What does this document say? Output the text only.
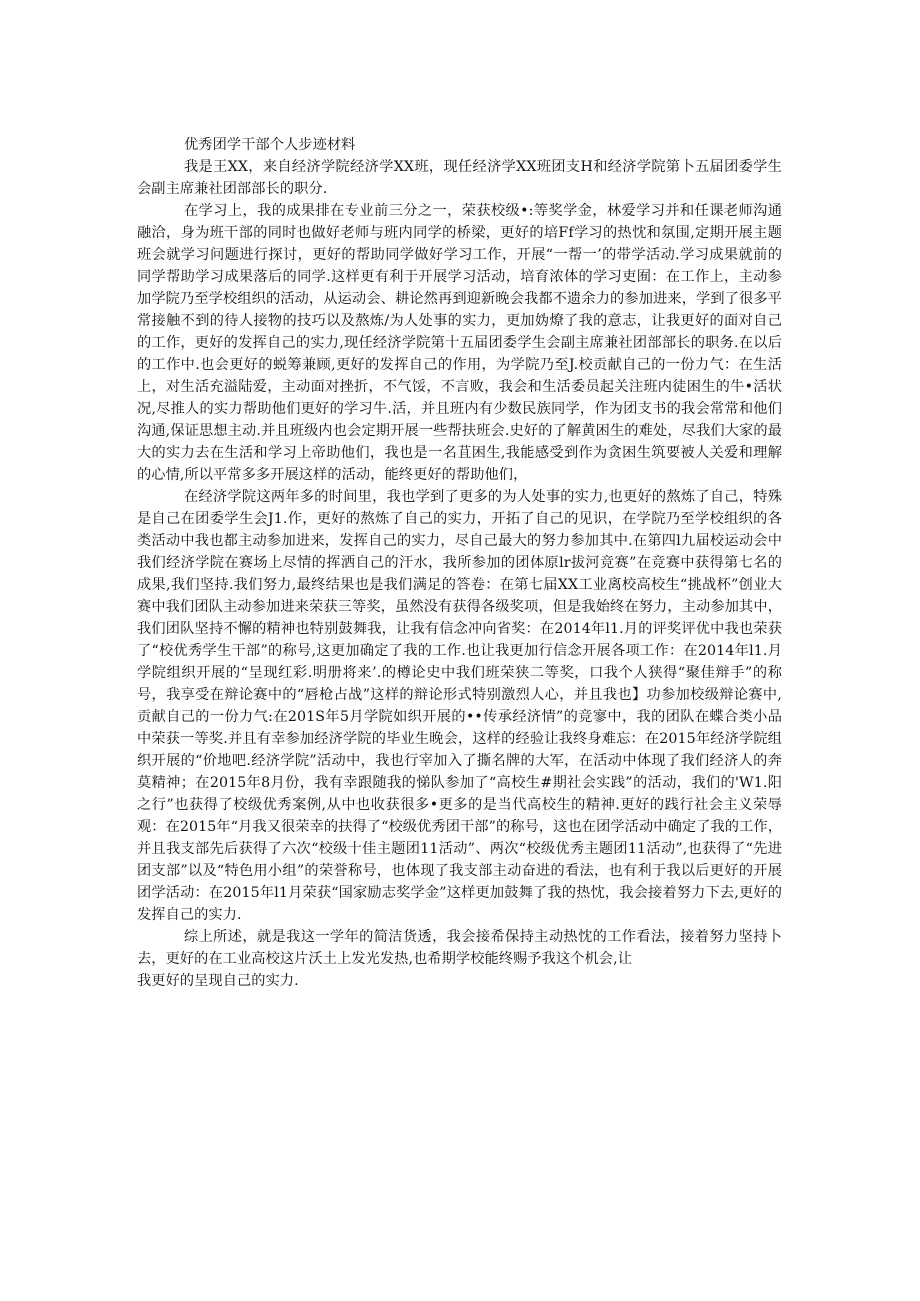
优秀团学干部个人步迹材料

我是王XX，来自经济学院经济学XX班，现任经济学XX班团支H和经济学院第卜五届团委学生会副主席兼社团部部长的职分.

在学习上，我的成果排在专业前三分之一，荣获校级•:等奖学金，林爱学习并和任课老师沟通融洽，身为班干部的同时也做好老师与班内同学的桥梁，更好的培Ff学习的热忱和氛围,定期开展主题班会就学习问题进行探讨，更好的帮助同学做好学习工作，开展“一帮一’的带学活动.学习成果就前的同学帮助学习成果落后的同学.这样更有利于开展学习活动，培育浓体的学习吏囿：在工作上，主动参加学院乃至学校组织的活动，从运动会、耕论然再到迎新晚会我都不遗余力的参加进来，学到了很多平常接触不到的待人接物的技巧以及熬炼/为人处事的实力，更加妫燎了我的意志，让我更好的面对自己的工作，更好的发挥自己的实力,现任经济学院第十五届团委学生会副主席兼社团部部长的职务.在以后的工作中.也会更好的蜕筹兼顾,更好的发挥自己的作用，为学院乃至J.校贡献自己的一份力气：在生活上，对生活充溢陆爱，主动面对挫折，不气馁，不言败，我会和生活委员起关注班内徒困生的牛•活状况,尽推人的实力帮助他们更好的学习牛.活，并且班内有少数民族同学，作为团支书的我会常常和他们沟通,保证思想主动.并且班级内也会定期开展一些帮扶班会.史好的了解黄困生的难处，尽我们大家的最大的实力去在生活和学习上帝助他们，我也是一名苴困生,我能感受到作为贪困生筑要被人关爱和理解的心情,所以平常多多开展这样的活动，能终更好的帮助他们，

在经济学院这两年多的时间里，我也学到了更多的为人处事的实力,也更好的熬炼了自己，特殊是自己在团委学生会J1.作，更好的熬炼了自己的实力，开拓了自己的见识，在学院乃至学校组织的各类活动中我也都主动参加进来，发挥自己的实力，尽自己最大的努力参加其中.在第四l九届校运动会中我们经济学院在赛场上尽情的挥洒自己的汗水，我所参加的团体原lr拔河竞赛”在竞赛中获得第七名的成果,我们坚持.我们努力,最终结果也是我们满足的答卷：在第七届XX工业离校高校生“挑战杯”创业大赛中我们团队主动参加进来荣获三等奖，虽然没有获得各级奖项，但是我始终在努力，主动参加其中，我们团队坚持不懈的精神也特别鼓舞我，让我有信念冲向省奖：在2014年l1.月的评奖评优中我也荣获了“校优秀学生干部”的称号,这更加确定了我的工作.也让我更加行信念开展各项工作：在2014年l1.月学院组织开展的“呈现红彩.明册将来’.的樽论史中我们班荣狭二等奖，口我个人狭得“聚佳辩手”的称号，我享受在辩论赛中的“唇枪占战”这样的辩论形式特别激烈人心，并且我也】功参加校级辩论赛中,贡献自己的一份力气:在201S年5月学院如织开展的••传承经济情”的竞寥中，我的团队在蝶合类小品中荣获一等奖.并且有幸参加经济学院的毕业生晚会，这样的经验让我终身难忘：在2015年经济学院组织开展的“价地吧.经济学院”活动中，我也行宰加入了撕名牌的大军，在活动中体现了我们经济人的奔莫精神；在2015年8月份，我有幸跟随我的悌队参加了“高校生#期社会实践”的活动，我们的'W1.阳之行”也获得了校级优秀案例,从中也收获很多•更多的是当代高校生的精神.更好的践行社会主义荣辱观：在2015年“月我又很荣幸的扶得了“校级优秀团干部”的称号，这也在团学活动中确定了我的工作，并且我支部先后获得了六次“校级十佳主题团11活动”、两次“校级优秀主题团11活动”,也获得了“先进团支部”以及“特色用小组”的荣誉称号，也体现了我支部主动奋进的看法，也有利于我以后更好的开展团学活动：在2015年l1月荣获“国家励志奖学金”这样更加鼓舞了我的热忱，我会接着努力下去,更好的发挥自己的实力.

综上所述，就是我这一学年的简洁货透，我会接希保持主动热忱的工作看法，接着努力坚持卜去，更好的在工业高校这片沃土上发光发热,也希期学校能终赐予我这个机会,让

我更好的呈现自己的实力.
